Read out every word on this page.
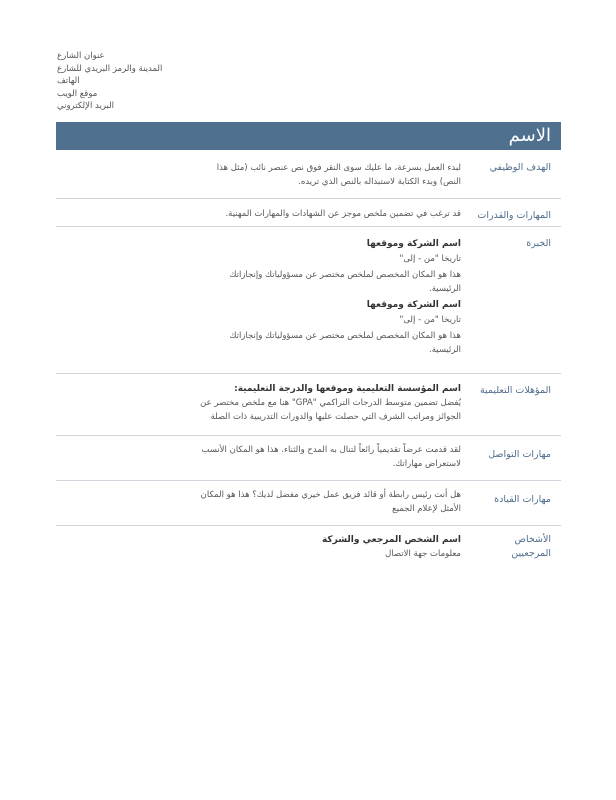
عنوان الشارع
المدينة والرمز البريدي للشارع
الهاتف
موقع الويب
البريد الإلكتروني
الاسم
الهدف الوظيفي

لبدء العمل بسرعة، ما عليك سوى النقر فوق نص عنصر نائب (مثل هذا

النص) وبدء الكتابة لاستبداله بالنص الذي تريده.

المهارات والقدرات

قد ترغب في تضمين ملخص موجز عن الشهادات والمهارات المهنية.

الخبرة

اسم الشركة وموقعها

تاريخا "من - إلى"

هذا هو المكان المخصص لملخص مختصر عن مسؤولياتك وإنجازاتك

الرئيسية.

اسم الشركة وموقعها

تاريخا "من - إلى"

هذا هو المكان المخصص لملخص مختصر عن مسؤولياتك وإنجازاتك

الرئيسية.

المؤهلات التعليمية

اسم المؤسسة التعليمية وموقعها والدرجة التعليمية:

يُفضل تضمين متوسط الدرجات التراكمي "GPA" هنا مع ملخص مختصر عن

الجوائز ومراتب الشرف التي حصلت عليها والدورات التدريبية ذات الصلة

مهارات التواصل

لقد قدمت عرضاً تقديمياً رائعاً لتنال به المدح والثناء. هذا هو المكان الأنسب

لاستعراض مهاراتك.

مهارات القيادة

هل أنت رئيس رابطة أو قائد فريق عمل خيري مفضل لديك؟ هذا هو المكان

الأمثل لإعلام الجميع

الأشخاص
المرجعيين

اسم الشخص المرجعي والشركة

معلومات جهة الاتصال
